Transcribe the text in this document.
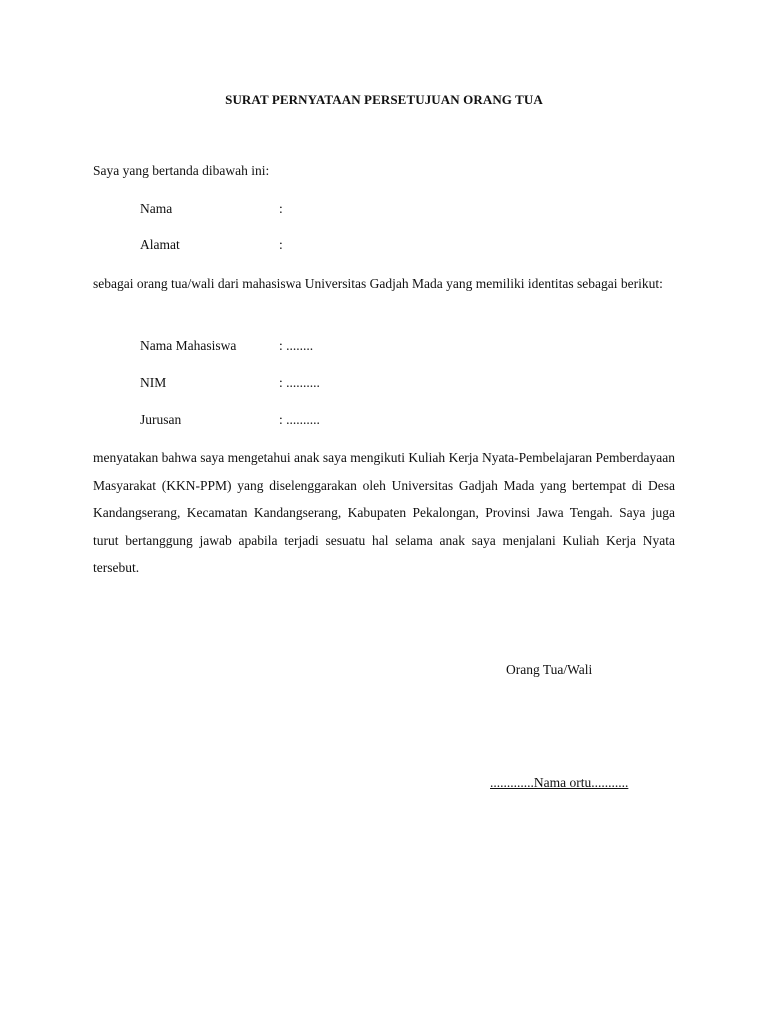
SURAT PERNYATAAN PERSETUJUAN ORANG TUA
Saya yang bertanda dibawah ini:
Nama	:
Alamat	:
sebagai orang tua/wali dari mahasiswa Universitas Gadjah Mada yang memiliki identitas sebagai berikut:
Nama Mahasiswa	: ........
NIM	: ..........
Jurusan	: ..........
menyatakan bahwa saya mengetahui anak saya mengikuti Kuliah Kerja Nyata-Pembelajaran Pemberdayaan Masyarakat (KKN-PPM) yang diselenggarakan oleh Universitas Gadjah Mada yang bertempat di Desa Kandangserang, Kecamatan Kandangserang, Kabupaten Pekalongan, Provinsi Jawa Tengah. Saya juga turut bertanggung jawab apabila terjadi sesuatu hal selama anak saya menjalani Kuliah Kerja Nyata tersebut.
Orang Tua/Wali
.............Nama ortu...........
